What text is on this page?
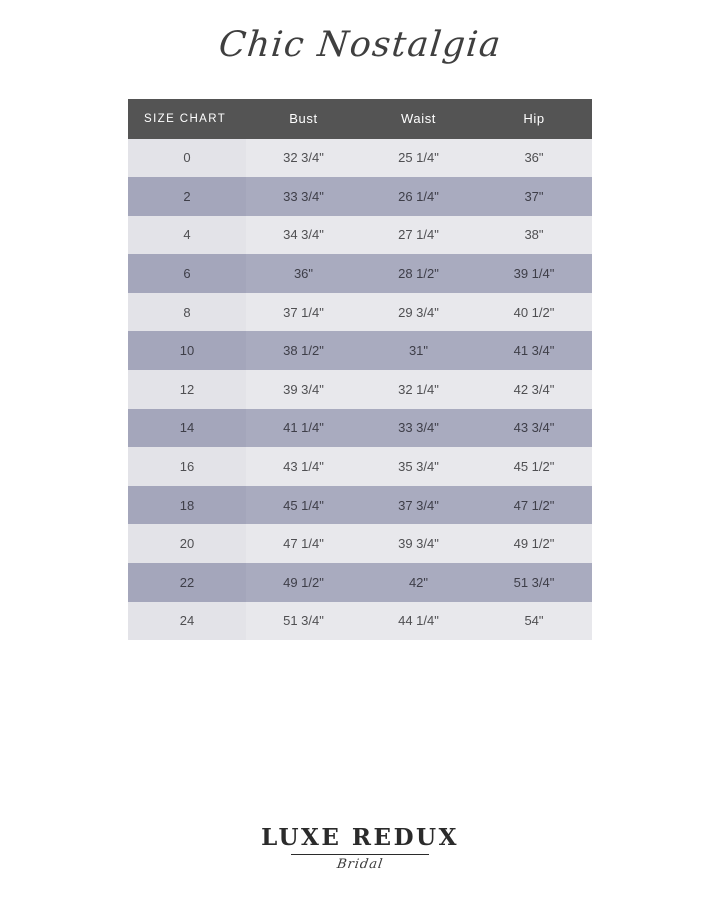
Chic Nostalgia
SIZE CHART	Bust	Waist	Hip
0	32 3/4"	25 1/4"	36"
2	33 3/4"	26 1/4"	37"
4	34 3/4"	27 1/4"	38"
6	36"	28 1/2"	39 1/4"
8	37 1/4"	29 3/4"	40 1/2"
10	38 1/2"	31"	41 3/4"
12	39 3/4"	32 1/4"	42 3/4"
14	41 1/4"	33 3/4"	43 3/4"
16	43 1/4"	35 3/4"	45 1/2"
18	45 1/4"	37 3/4"	47 1/2"
20	47 1/4"	39 3/4"	49 1/2"
22	49 1/2"	42"	51 3/4"
24	51 3/4"	44 1/4"	54"
LUXE REDUX
Bridal
